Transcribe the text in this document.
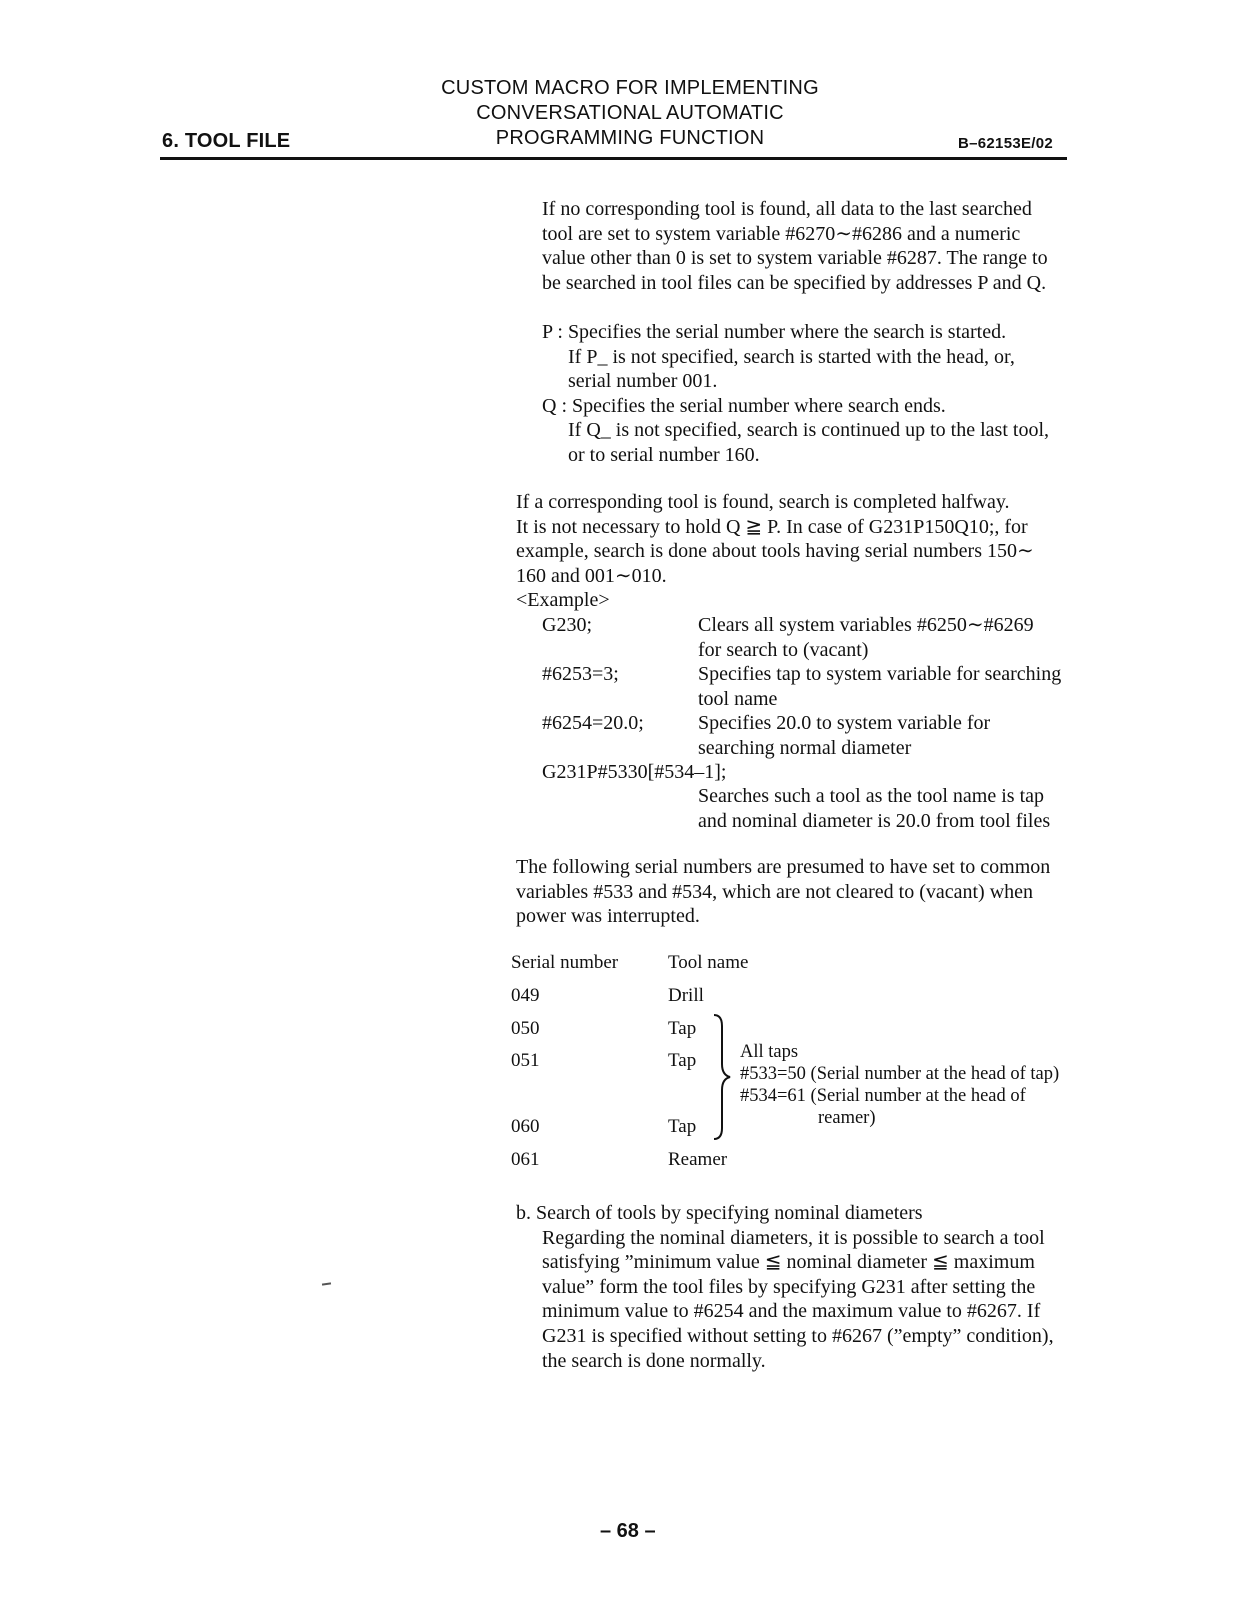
CUSTOM MACRO FOR IMPLEMENTING
CONVERSATIONAL AUTOMATIC
PROGRAMMING FUNCTION
6. TOOL FILE	B–62153E/02
If no corresponding tool is found, all data to the last searched
tool are set to system variable #6270∼#6286 and a numeric
value other than 0 is set to system variable #6287. The range to
be searched in tool files can be specified by addresses P and Q.
P : Specifies the serial number where the search is started.
If P_ is not specified, search is started with the head, or,
serial number 001.
Q : Specifies the serial number where search ends.
If Q_ is not specified, search is continued up to the last tool,
or to serial number 160.
If a corresponding tool is found, search is completed halfway.
It is not necessary to hold Q ≧ P. In case of G231P150Q10;, for
example, search is done about tools having serial numbers 150∼
160 and 001∼010.
<Example>
G230;	Clears all system variables #6250∼#6269
for search to (vacant)
#6253=3;	Specifies tap to system variable for searching
tool name
#6254=20.0;	Specifies 20.0 to system variable for
searching normal diameter
G231P#5330[#534–1];
Searches such a tool as the tool name is tap
and nominal diameter is 20.0 from tool files
The following serial numbers are presumed to have set to common
variables #533 and #534, which are not cleared to (vacant) when
power was interrupted.
Serial number	Tool name
049	Drill
050	Tap
051	Tap
060	Tap
061	Reamer
All taps
#533=50 (Serial number at the head of tap)
#534=61 (Serial number at the head of
reamer)
b. Search of tools by specifying nominal diameters
Regarding the nominal diameters, it is possible to search a tool
satisfying ”minimum value ≦ nominal diameter ≦ maximum
value” form the tool files by specifying G231 after setting the
minimum value to #6254 and the maximum value to #6267. If
G231 is specified without setting to #6267 (”empty” condition),
the search is done normally.
– 68 –
